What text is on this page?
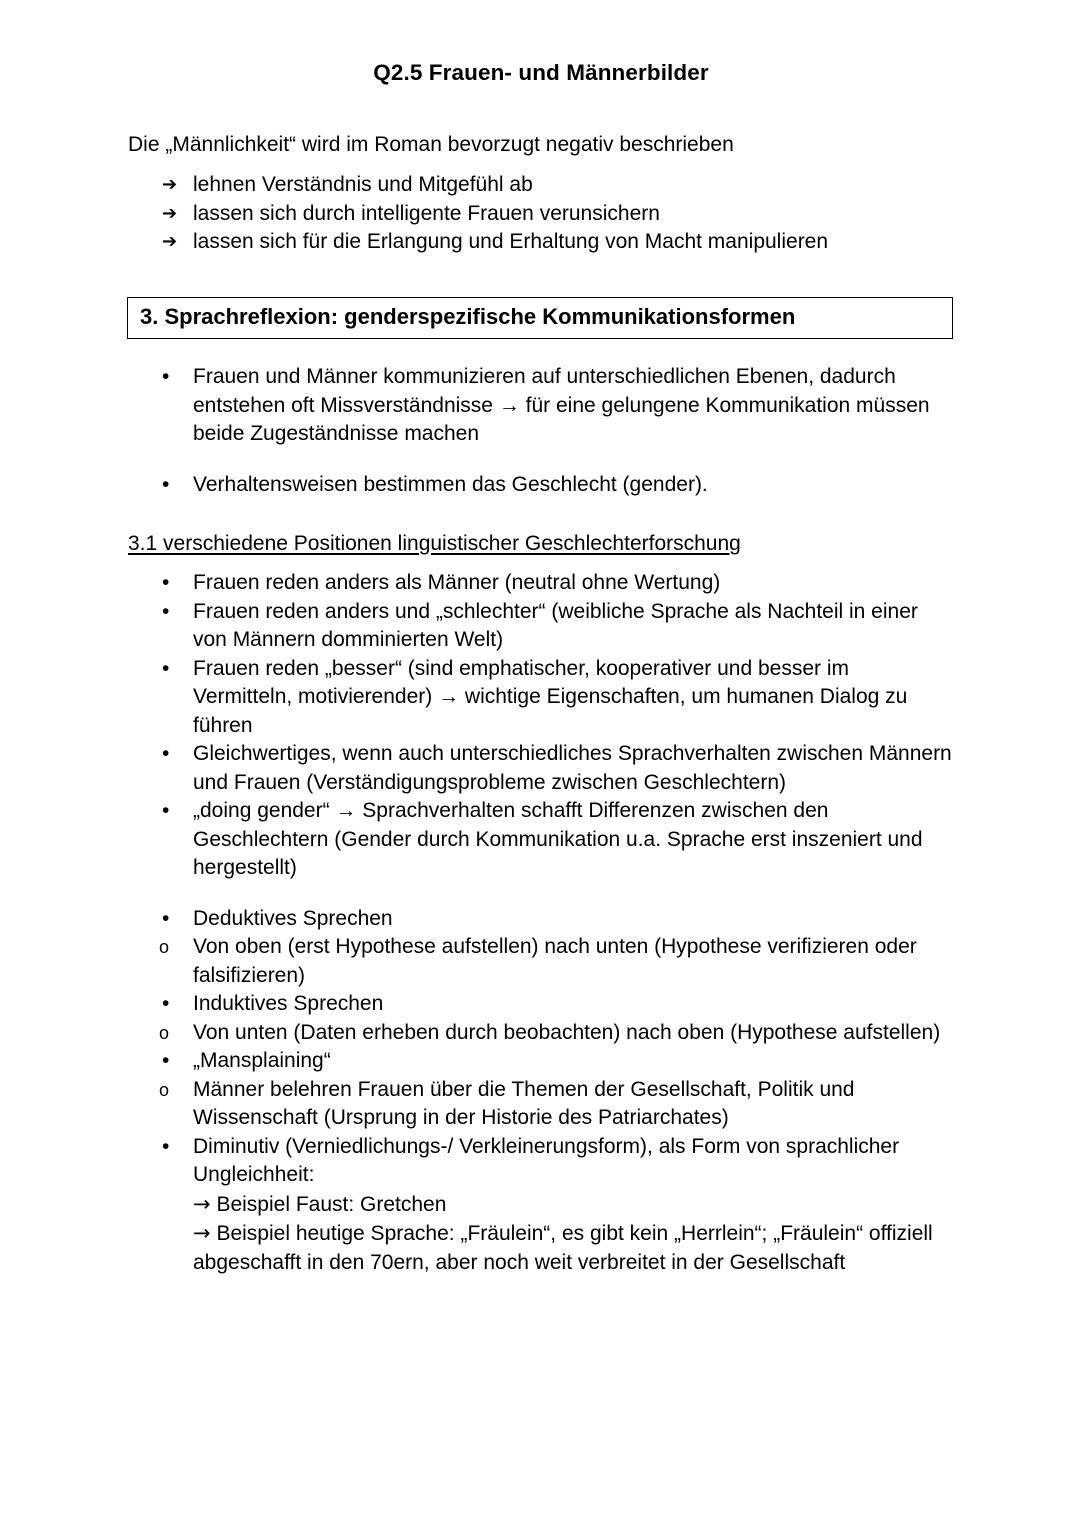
Q2.5 Frauen- und Männerbilder
Die „Männlichkeit“ wird im Roman bevorzugt negativ beschrieben
➔ lehnen Verständnis und Mitgefühl ab
➔ lassen sich durch intelligente Frauen verunsichern
➔ lassen sich für die Erlangung und Erhaltung von Macht manipulieren
3. Sprachreflexion: genderspezifische Kommunikationsformen
• Frauen und Männer kommunizieren auf unterschiedlichen Ebenen, dadurch entstehen oft Missverständnisse → für eine gelungene Kommunikation müssen beide Zugeständnisse machen
• Verhaltensweisen bestimmen das Geschlecht (gender).
3.1 verschiedene Positionen linguistischer Geschlechterforschung
• Frauen reden anders als Männer (neutral ohne Wertung)
• Frauen reden anders und „schlechter“ (weibliche Sprache als Nachteil in einer von Männern domminierten Welt)
• Frauen reden „besser“ (sind emphatischer, kooperativer und besser im Vermitteln, motivierender) → wichtige Eigenschaften, um humanen Dialog zu führen
• Gleichwertiges, wenn auch unterschiedliches Sprachverhalten zwischen Männern und Frauen (Verständigungsprobleme zwischen Geschlechtern)
• „doing gender“ → Sprachverhalten schafft Differenzen zwischen den Geschlechtern (Gender durch Kommunikation u.a. Sprache erst inszeniert und hergestellt)
• Deduktives Sprechen
o Von oben (erst Hypothese aufstellen) nach unten (Hypothese verifizieren oder falsifizieren)
• Induktives Sprechen
o Von unten (Daten erheben durch beobachten) nach oben (Hypothese aufstellen)
• „Mansplaining“
o Männer belehren Frauen über die Themen der Gesellschaft, Politik und Wissenschaft (Ursprung in der Historie des Patriarchates)
• Diminutiv (Verniedlichungs-/ Verkleinerungsform), als Form von sprachlicher
Ungleichheit:
→ Beispiel Faust: Gretchen
→ Beispiel heutige Sprache: „Fräulein“, es gibt kein „Herrlein“; „Fräulein“ offiziell abgeschafft in den 70ern, aber noch weit verbreitet in der Gesellschaft
